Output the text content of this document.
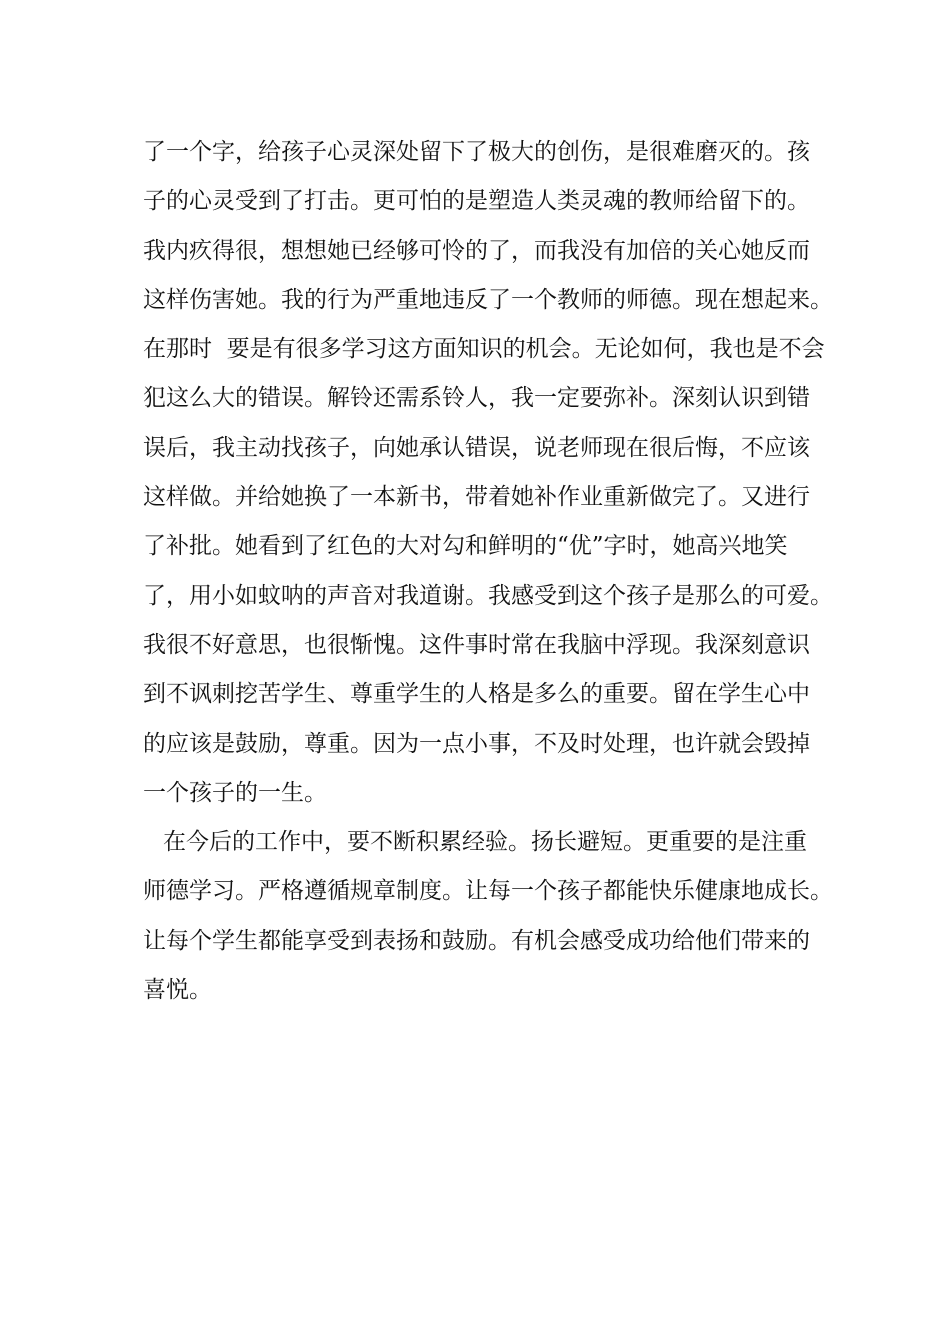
了一个字，给孩子心灵深处留下了极大的创伤，是很难磨灭的。孩
子的心灵受到了打击。更可怕的是塑造人类灵魂的教师给留下的。
我内疚得很，想想她已经够可怜的了，而我没有加倍的关心她反而
这样伤害她。我的行为严重地违反了一个教师的师德。现在想起来。
在那时  要是有很多学习这方面知识的机会。无论如何，我也是不会
犯这么大的错误。解铃还需系铃人，我一定要弥补。深刻认识到错
误后，我主动找孩子，向她承认错误，说老师现在很后悔，不应该
这样做。并给她换了一本新书，带着她补作业重新做完了。又进行
了补批。她看到了红色的大对勾和鲜明的“优”字时，她高兴地笑
了，用小如蚊呐的声音对我道谢。我感受到这个孩子是那么的可爱。
我很不好意思，也很惭愧。这件事时常在我脑中浮现。我深刻意识
到不讽刺挖苦学生、尊重学生的人格是多么的重要。留在学生心中
的应该是鼓励，尊重。因为一点小事，不及时处理，也许就会毁掉
一个孩子的一生。
在今后的工作中，要不断积累经验。扬长避短。更重要的是注重
师德学习。严格遵循规章制度。让每一个孩子都能快乐健康地成长。
让每个学生都能享受到表扬和鼓励。有机会感受成功给他们带来的
喜悦。
